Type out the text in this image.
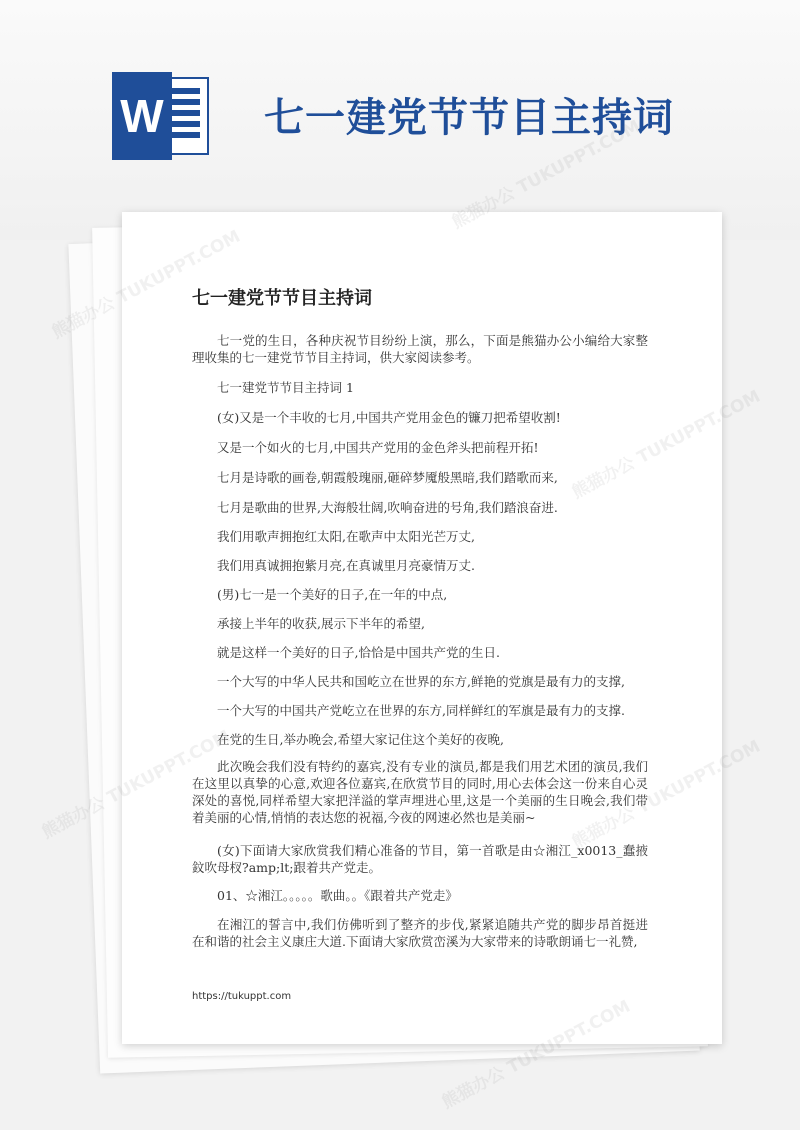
W	七一建党节节目主持词
七一建党节节目主持词

七一党的生日，各种庆祝节目纷纷上演，那么，下面是熊猫办公小编给大家整理收集的七一建党节节目主持词，供大家阅读参考。

七一建党节节目主持词 1

(女)又是一个丰收的七月,中国共产党用金色的镰刀把希望收割!

又是一个如火的七月,中国共产党用的金色斧头把前程开拓!

七月是诗歌的画卷,朝霞般瑰丽,砸碎梦魇般黑暗,我们踏歌而来,

七月是歌曲的世界,大海般壮阔,吹响奋进的号角,我们踏浪奋进.

我们用歌声拥抱红太阳,在歌声中太阳光芒万丈,

我们用真诚拥抱紫月亮,在真诚里月亮豪情万丈.

(男)七一是一个美好的日子,在一年的中点,

承接上半年的收获,展示下半年的希望,

就是这样一个美好的日子,恰恰是中国共产党的生日.

一个大写的中华人民共和国屹立在世界的东方,鲜艳的党旗是最有力的支撑,

一个大写的中国共产党屹立在世界的东方,同样鲜红的军旗是最有力的支撑.

在党的生日,举办晚会,希望大家记住这个美好的夜晚,

此次晚会我们没有特约的嘉宾,没有专业的演员,都是我们用艺术团的演员,我们在这里以真挚的心意,欢迎各位嘉宾,在欣赏节目的同时,用心去体会这一份来自心灵深处的喜悦,同样希望大家把洋溢的掌声埋进心里,这是一个美丽的生日晚会,我们带着美丽的心情,悄悄的表达您的祝福,今夜的网速必然也是美丽~

(女)下面请大家欣赏我们精心准备的节目，第一首歌是由☆湘江_x0013_蠢掖鈫吹母杈?amp;lt;跟着共产党走。

01、☆湘江。。。。。歌曲。。《跟着共产党走》

在湘江的誓言中,我们仿佛听到了整齐的步伐,紧紧追随共产党的脚步昂首挺进在和谐的社会主义康庄大道.下面请大家欣赏峦溪为大家带来的诗歌朗诵七一礼赞,

https://tukuppt.com
熊猫办公
